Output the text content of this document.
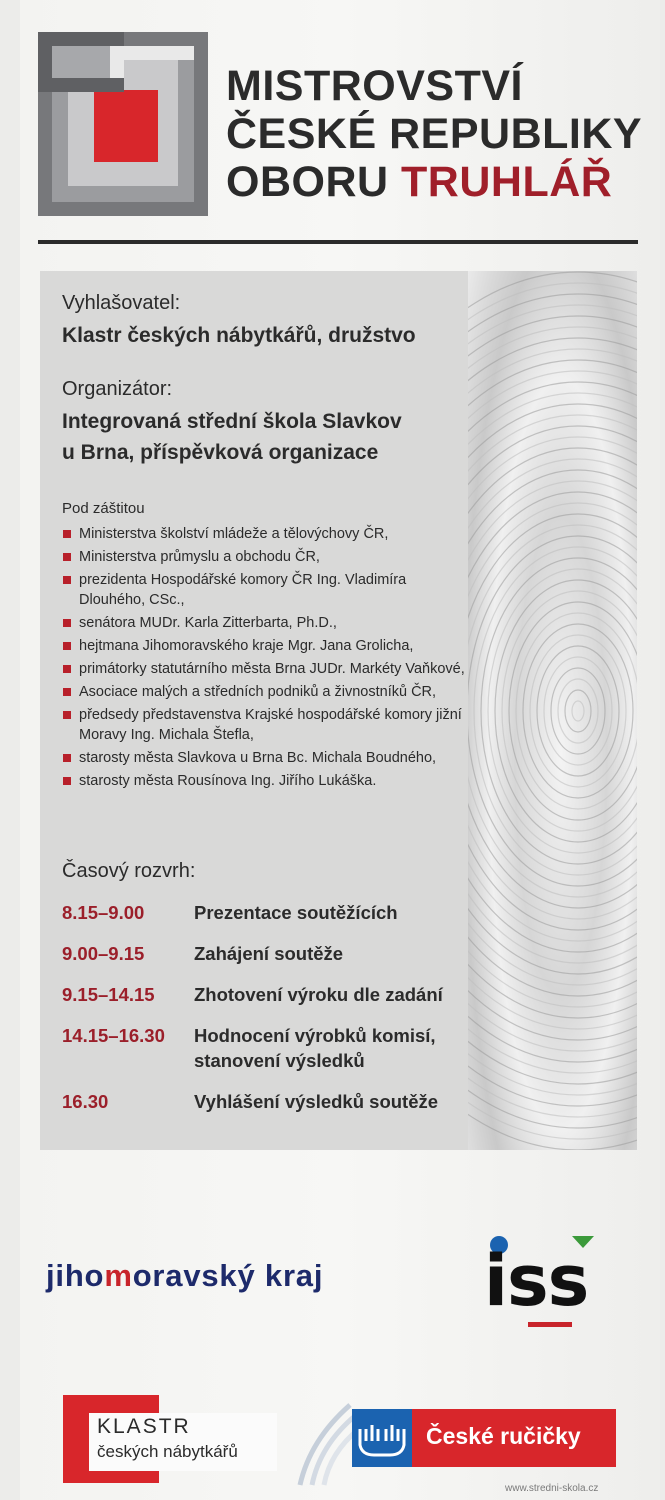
MISTROVSTVÍ
ČESKÉ REPUBLIKY
OBORU TRUHLÁŘ
Vyhlašovatel:
Klastr českých nábytkářů, družstvo
Organizátor:
Integrovaná střední škola Slavkov
u Brna, příspěvková organizace
Pod záštitou
Ministerstva školství mládeže a tělovýchovy ČR,
Ministerstva průmyslu a obchodu ČR,
prezidenta Hospodářské komory ČR Ing. Vladimíra Dlouhého, CSc.,
senátora MUDr. Karla Zitterbarta, Ph.D.,
hejtmana Jihomoravského kraje Mgr. Jana Grolicha,
primátorky statutárního města Brna JUDr. Markéty Vaňkové,
Asociace malých a středních podniků a živnostníků ČR,
předsedy představenstva Krajské hospodářské komory jižní Moravy Ing. Michala Štefla,
starosty města Slavkova u Brna Bc. Michala Boudného,
starosty města Rousínova Ing. Jiřího Lukáška.
Časový rozvrh:
8.15–9.00	Prezentace soutěžících
9.00–9.15	Zahájení soutěže
9.15–14.15	Zhotovení výroku dle zadání
14.15–16.30	Hodnocení výrobků komisí, stanovení výsledků
16.30	Vyhlášení výsledků soutěže
jihomoravský kraj iss
KLASTR
českých nábytkářů
České ručičky
www.stredni-skola.cz
